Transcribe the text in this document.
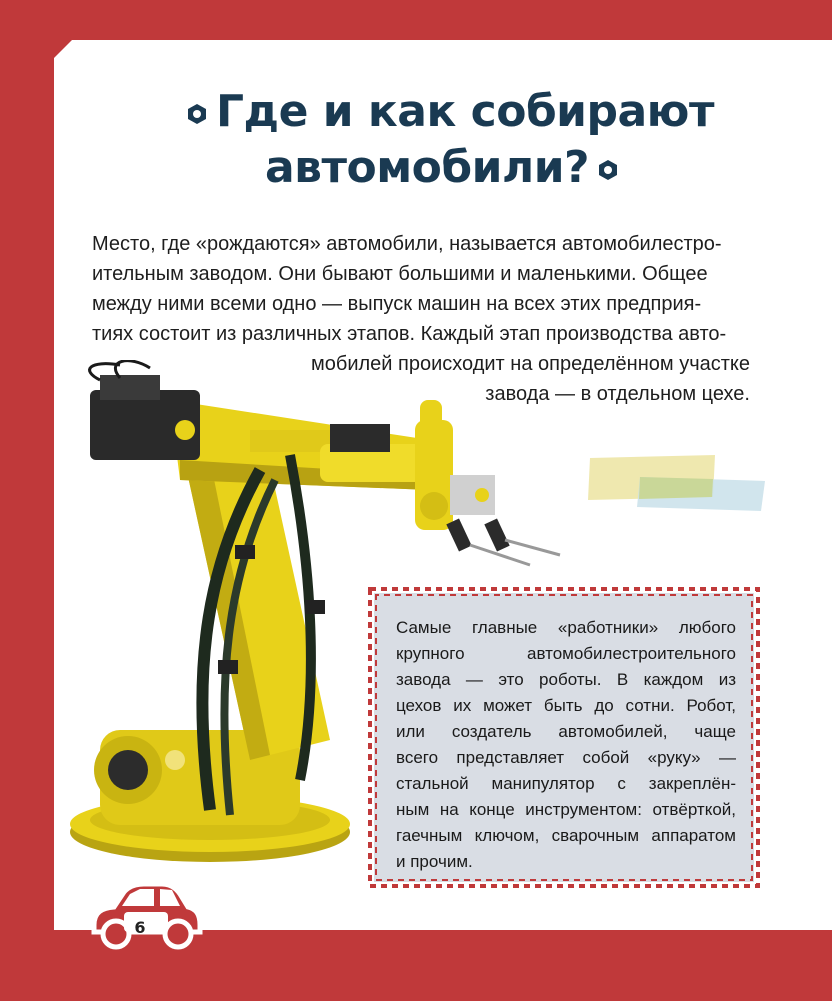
Где и как собирают
автомобили?
Место, где «рождаются» автомобили, называется автомобилестро-
ительным заводом. Они бывают большими и маленькими. Общее
между ними всеми одно — выпуск машин на всех этих предприя-
тиях состоит из различных этапов. Каждый этап производства авто-
мобилей происходит на определённом участке
завода — в отдельном цехе.
Самые главные «работники» любого
крупного автомобилестроительного
завода — это роботы. В каждом из
цехов их может быть до сотни. Робот,
или создатель автомобилей, чаще
всего представляет собой «руку» —
стальной манипулятор с закреплён-
ным на конце инструментом: отвёрткой,
гаечным ключом, сварочным аппаратом
и прочим.
6
